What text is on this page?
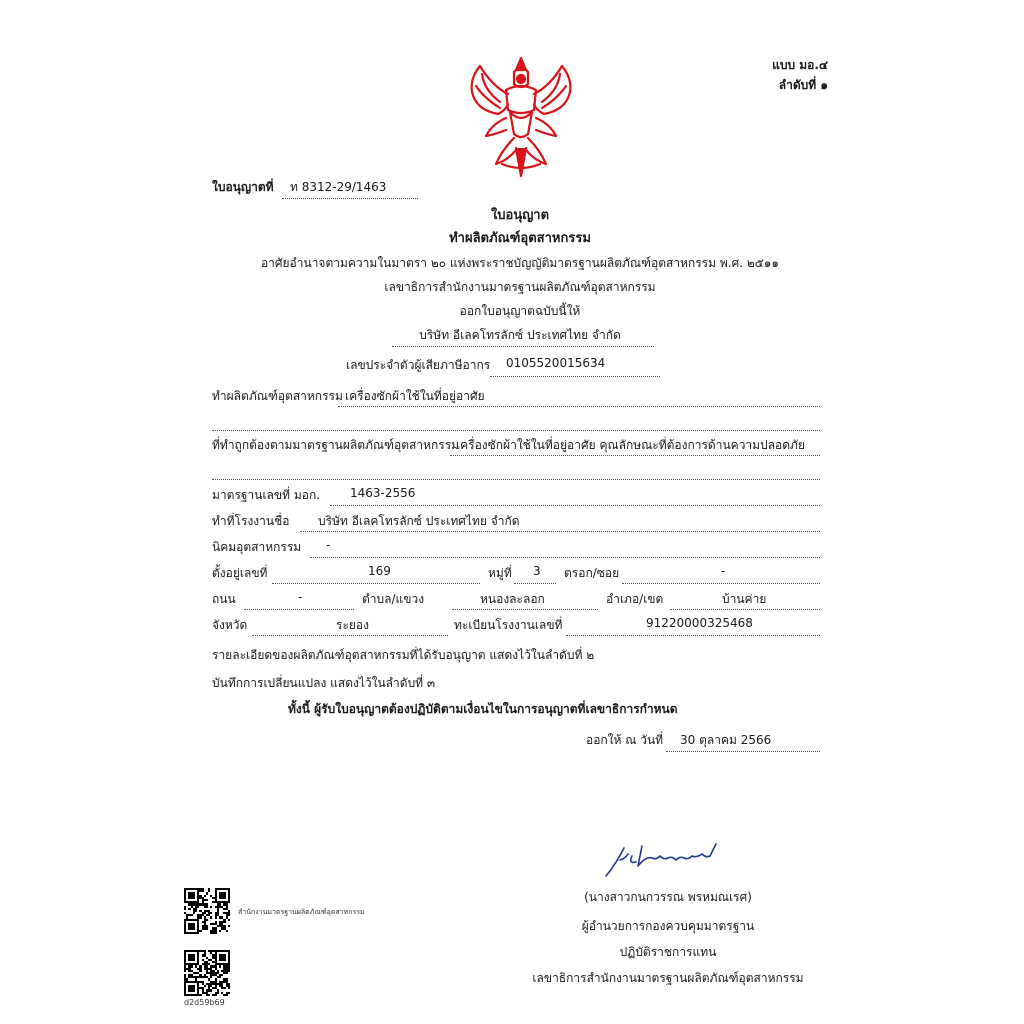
แบบ มอ.๔
ลำดับที่ ๑
ใบอนุญาตที่ ท 8312-29/1463
ใบอนุญาต
ทำผลิตภัณฑ์อุตสาหกรรม
อาศัยอำนาจตามความในมาตรา ๒๐ แห่งพระราชบัญญัติมาตรฐานผลิตภัณฑ์อุตสาหกรรม พ.ศ. ๒๕๑๑
เลขาธิการสำนักงานมาตรฐานผลิตภัณฑ์อุตสาหกรรม
ออกใบอนุญาตฉบับนี้ให้
บริษัท อีเลคโทรลักซ์ ประเทศไทย จำกัด
เลขประจำตัวผู้เสียภาษีอากร 0105520015634
ทำผลิตภัณฑ์อุตสาหกรรม เครื่องซักผ้าใช้ในที่อยู่อาศัย
ที่ทำถูกต้องตามมาตรฐานผลิตภัณฑ์อุตสาหกรรม
เครื่องซักผ้าใช้ในที่อยู่อาศัย คุณลักษณะที่ต้องการด้านความปลอดภัย
มาตรฐานเลขที่ มอก. 1463-2556
ทำที่โรงงานชื่อ บริษัท อีเลคโทรลักซ์ ประเทศไทย จำกัด
นิคมอุตสาหกรรม -
ตั้งอยู่เลขที่	169	หมู่ที่ 3 ตรอก/ซอย	-
ถนน	-	ตำบล/แขวง	หนองละลอก	อำเภอ/เขต	บ้านค่าย
จังหวัด	ระยอง	ทะเบียนโรงงานเลขที่	91220000325468
รายละเอียดของผลิตภัณฑ์อุตสาหกรรมที่ได้รับอนุญาต แสดงไว้ในลำดับที่ ๒
บันทึกการเปลี่ยนแปลง แสดงไว้ในลำดับที่ ๓
ทั้งนี้ ผู้รับใบอนุญาตต้องปฏิบัติตามเงื่อนไขในการอนุญาตที่เลขาธิการกำหนด
ออกให้ ณ วันที่ 30 ตุลาคม 2566
(นางสาวกนกวรรณ พรหมณเรศ)
ผู้อำนวยการกองควบคุมมาตรฐาน
ปฏิบัติราชการแทน
เลขาธิการสำนักงานมาตรฐานผลิตภัณฑ์อุตสาหกรรม
สำนักงานมาตรฐานผลิตภัณฑ์อุตสาหกรรม
d2d59b69
